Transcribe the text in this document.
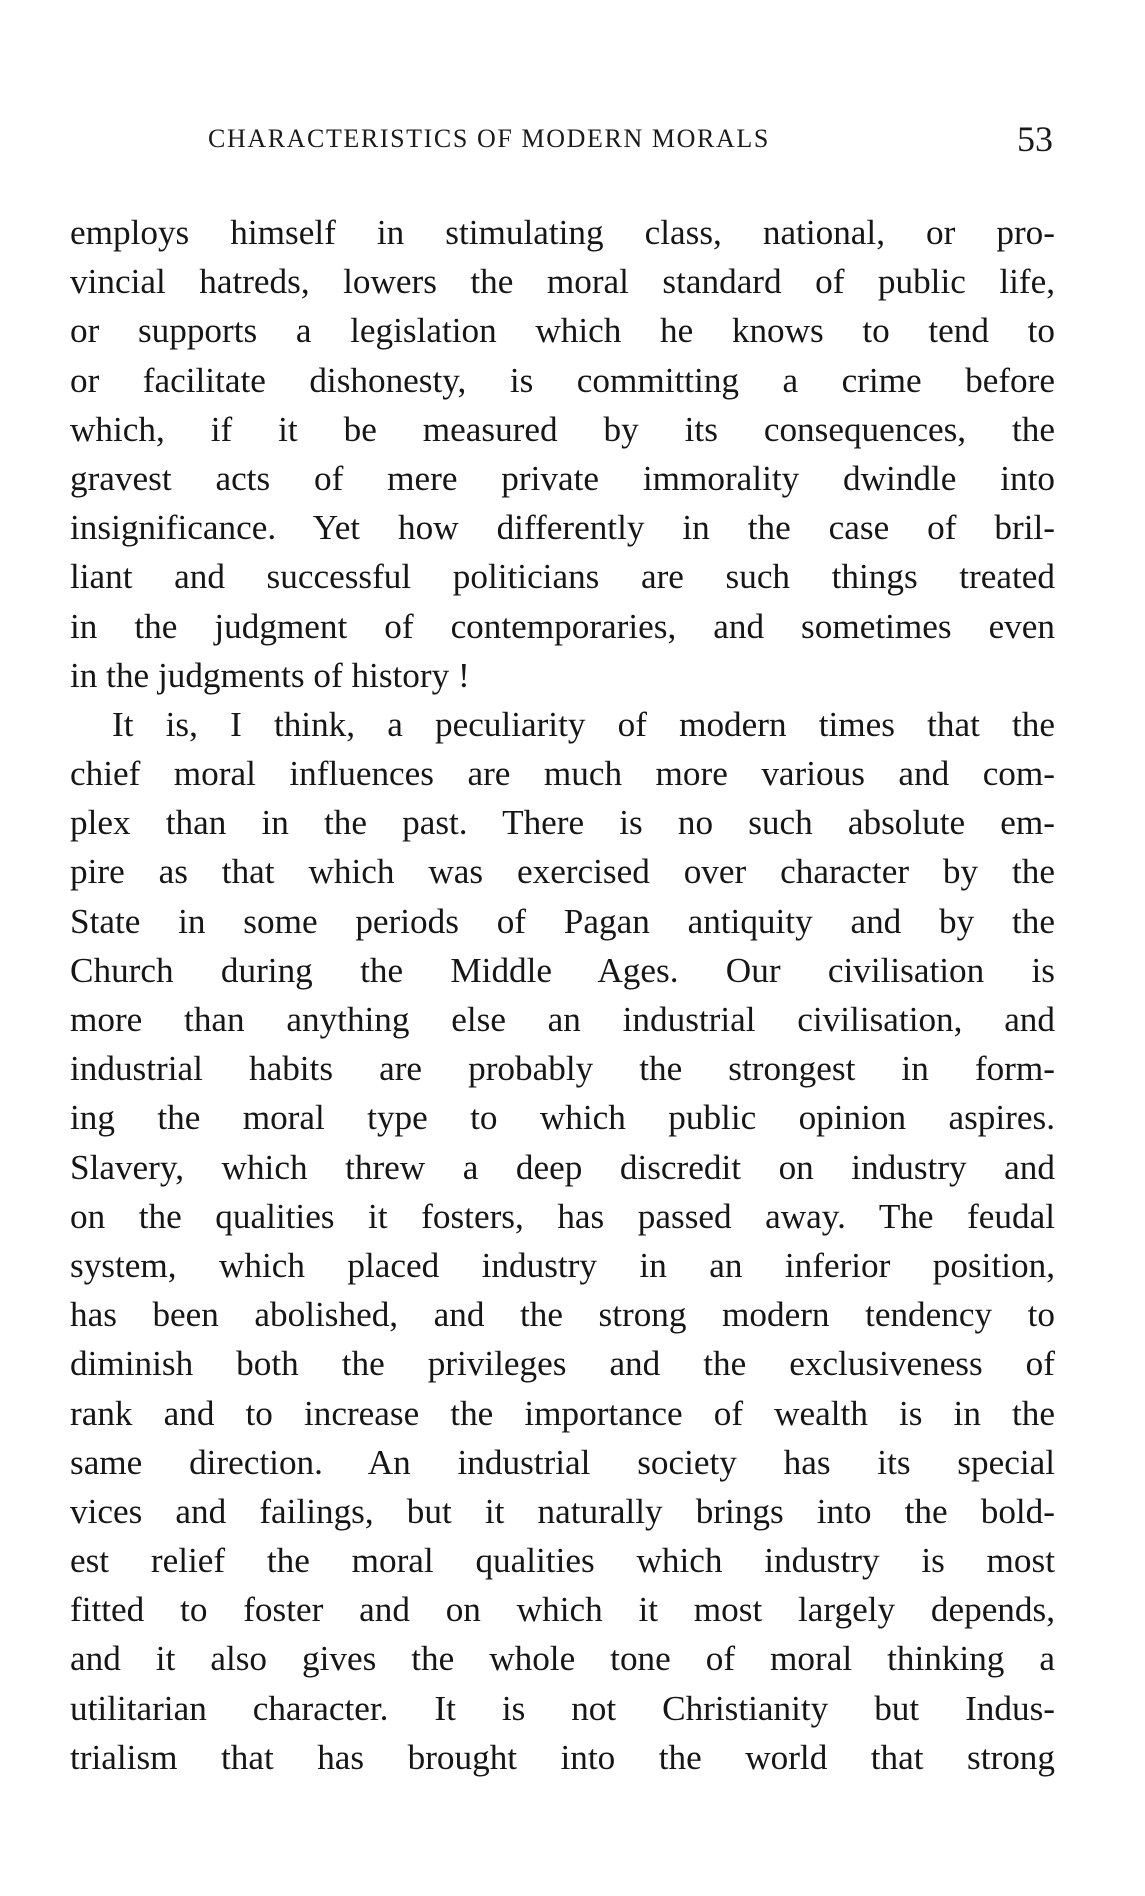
CHARACTERISTICS OF MODERN MORALS	53
employs himself in stimulating class, national, or pro-
vincial hatreds, lowers the moral standard of public life,
or supports a legislation which he knows to tend to
or facilitate dishonesty, is committing a crime before
which, if it be measured by its consequences, the
gravest acts of mere private immorality dwindle into
insignificance. Yet how differently in the case of bril-
liant and successful politicians are such things treated
in the judgment of contemporaries, and sometimes even
in the judgments of history !
It is, I think, a peculiarity of modern times that the
chief moral influences are much more various and com-
plex than in the past. There is no such absolute em-
pire as that which was exercised over character by the
State in some periods of Pagan antiquity and by the
Church during the Middle Ages. Our civilisation is
more than anything else an industrial civilisation, and
industrial habits are probably the strongest in form-
ing the moral type to which public opinion aspires.
Slavery, which threw a deep discredit on industry and
on the qualities it fosters, has passed away. The feudal
system, which placed industry in an inferior position,
has been abolished, and the strong modern tendency to
diminish both the privileges and the exclusiveness of
rank and to increase the importance of wealth is in the
same direction. An industrial society has its special
vices and failings, but it naturally brings into the bold-
est relief the moral qualities which industry is most
fitted to foster and on which it most largely depends,
and it also gives the whole tone of moral thinking a
utilitarian character. It is not Christianity but Indus-
trialism that has brought into the world that strong
